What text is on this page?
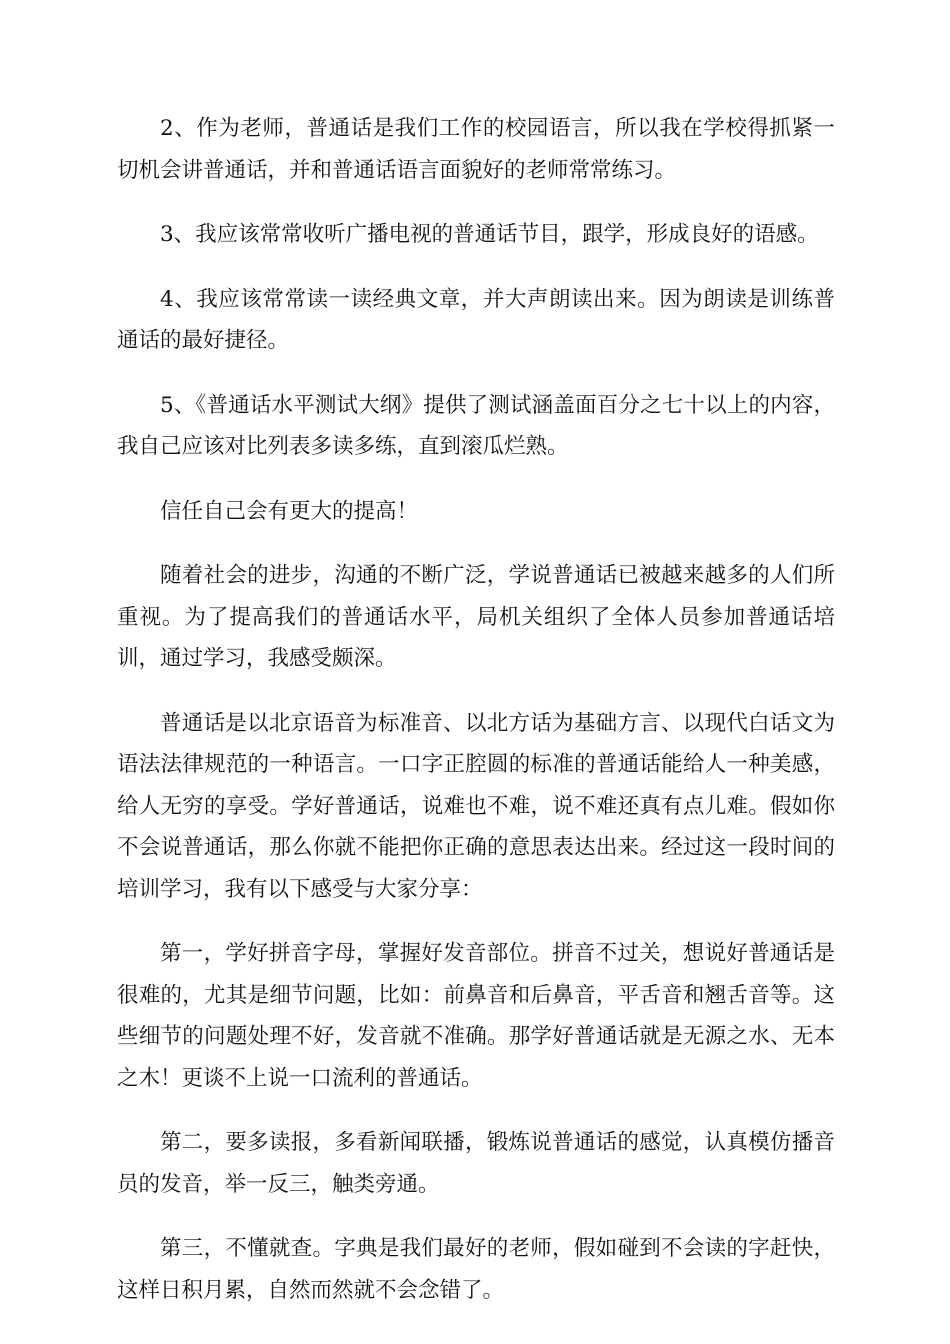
2、作为老师，普通话是我们工作的校园语言，所以我在学校得抓紧一切机会讲普通话，并和普通话语言面貌好的老师常常练习。

3、我应该常常收听广播电视的普通话节目，跟学，形成良好的语感。

4、我应该常常读一读经典文章，并大声朗读出来。因为朗读是训练普通话的最好捷径。

5、《普通话水平测试大纲》提供了测试涵盖面百分之七十以上的内容，我自己应该对比列表多读多练，直到滚瓜烂熟。

信任自己会有更大的提高！

随着社会的进步，沟通的不断广泛，学说普通话已被越来越多的人们所重视。为了提高我们的普通话水平，局机关组织了全体人员参加普通话培训，通过学习，我感受颇深。

普通话是以北京语音为标准音、以北方话为基础方言、以现代白话文为语法法律规范的一种语言。一口字正腔圆的标准的普通话能给人一种美感，给人无穷的享受。学好普通话，说难也不难，说不难还真有点儿难。假如你不会说普通话，那么你就不能把你正确的意思表达出来。经过这一段时间的培训学习，我有以下感受与大家分享：

第一，学好拼音字母，掌握好发音部位。拼音不过关，想说好普通话是很难的，尤其是细节问题，比如：前鼻音和后鼻音，平舌音和翘舌音等。这些细节的问题处理不好，发音就不准确。那学好普通话就是无源之水、无本之木！更谈不上说一口流利的普通话。

第二，要多读报，多看新闻联播，锻炼说普通话的感觉，认真模仿播音员的发音，举一反三，触类旁通。

第三，不懂就查。字典是我们最好的老师，假如碰到不会读的字赶快，这样日积月累，自然而然就不会念错了。
